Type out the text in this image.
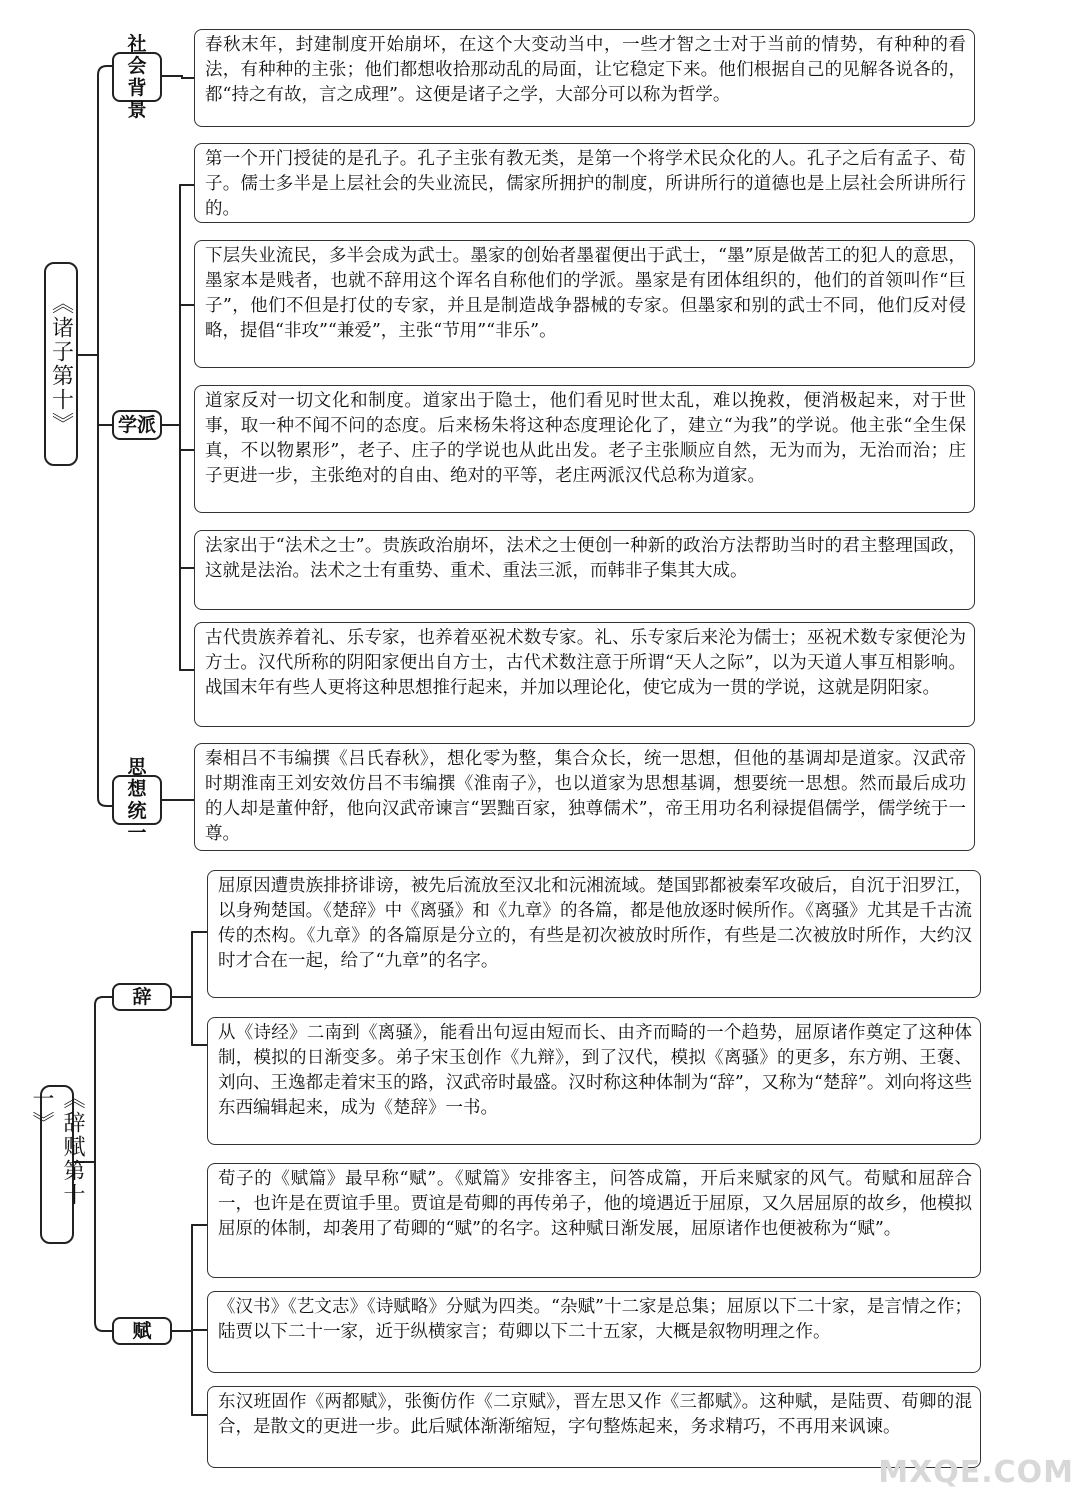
《诸子第十》
社会背景
春秋末年，封建制度开始崩坏，在这个大变动当中，一些才智之士对于当前的情势，有种种的看法，有种种的主张；他们都想收拾那动乱的局面，让它稳定下来。他们根据自己的见解各说各的，都“持之有故，言之成理”。这便是诸子之学，大部分可以称为哲学。
学派
第一个开门授徒的是孔子。孔子主张有教无类，是第一个将学术民众化的人。孔子之后有孟子、荀子。儒士多半是上层社会的失业流民，儒家所拥护的制度，所讲所行的道德也是上层社会所讲所行的。
下层失业流民，多半会成为武士。墨家的创始者墨翟便出于武士，“墨”原是做苦工的犯人的意思，墨家本是贱者，也就不辞用这个诨名自称他们的学派。墨家是有团体组织的，他们的首领叫作“巨子”，他们不但是打仗的专家，并且是制造战争器械的专家。但墨家和别的武士不同，他们反对侵略，提倡“非攻”“兼爱”，主张“节用”“非乐”。
道家反对一切文化和制度。道家出于隐士，他们看见时世太乱，难以挽救，便消极起来，对于世事，取一种不闻不问的态度。后来杨朱将这种态度理论化了，建立“为我”的学说。他主张“全生保真，不以物累形”，老子、庄子的学说也从此出发。老子主张顺应自然，无为而为，无治而治；庄子更进一步，主张绝对的自由、绝对的平等，老庄两派汉代总称为道家。
法家出于“法术之士”。贵族政治崩坏，法术之士便创一种新的政治方法帮助当时的君主整理国政，这就是法治。法术之士有重势、重术、重法三派，而韩非子集其大成。
古代贵族养着礼、乐专家，也养着巫祝术数专家。礼、乐专家后来沦为儒士；巫祝术数专家便沦为方士。汉代所称的阴阳家便出自方士，古代术数注意于所谓“天人之际”，以为天道人事互相影响。战国末年有些人更将这种思想推行起来，并加以理论化，使它成为一贯的学说，这就是阴阳家。
思想统一
秦相吕不韦编撰《吕氏春秋》，想化零为整，集合众长，统一思想，但他的基调却是道家。汉武帝时期淮南王刘安效仿吕不韦编撰《淮南子》，也以道家为思想基调，想要统一思想。然而最后成功的人却是董仲舒，他向汉武帝谏言“罢黜百家，独尊儒术”，帝王用功名利禄提倡儒学，儒学统于一尊。
《辞赋第十一》
辞
屈原因遭贵族排挤诽谤，被先后流放至汉北和沅湘流域。楚国郢都被秦军攻破后，自沉于汨罗江，以身殉楚国。《楚辞》中《离骚》和《九章》的各篇，都是他放逐时候所作。《离骚》尤其是千古流传的杰构。《九章》的各篇原是分立的，有些是初次被放时所作，有些是二次被放时所作，大约汉时才合在一起，给了“九章”的名字。
从《诗经》二南到《离骚》，能看出句逗由短而长、由齐而畸的一个趋势，屈原诸作奠定了这种体制，模拟的日渐变多。弟子宋玉创作《九辩》，到了汉代，模拟《离骚》的更多，东方朔、王褒、刘向、王逸都走着宋玉的路，汉武帝时最盛。汉时称这种体制为“辞”，又称为“楚辞”。刘向将这些东西编辑起来，成为《楚辞》一书。
赋
荀子的《赋篇》最早称“赋”。《赋篇》安排客主，问答成篇，开后来赋家的风气。荀赋和屈辞合一，也许是在贾谊手里。贾谊是荀卿的再传弟子，他的境遇近于屈原，又久居屈原的故乡，他模拟屈原的体制，却袭用了荀卿的“赋”的名字。这种赋日渐发展，屈原诸作也便被称为“赋”。
《汉书》《艺文志》《诗赋略》分赋为四类。“杂赋”十二家是总集；屈原以下二十家，是言情之作；陆贾以下二十一家，近于纵横家言；荀卿以下二十五家，大概是叙物明理之作。
东汉班固作《两都赋》，张衡仿作《二京赋》，晋左思又作《三都赋》。这种赋，是陆贾、荀卿的混合，是散文的更进一步。此后赋体渐渐缩短，字句整炼起来，务求精巧，不再用来讽谏。
MXQE.COM
